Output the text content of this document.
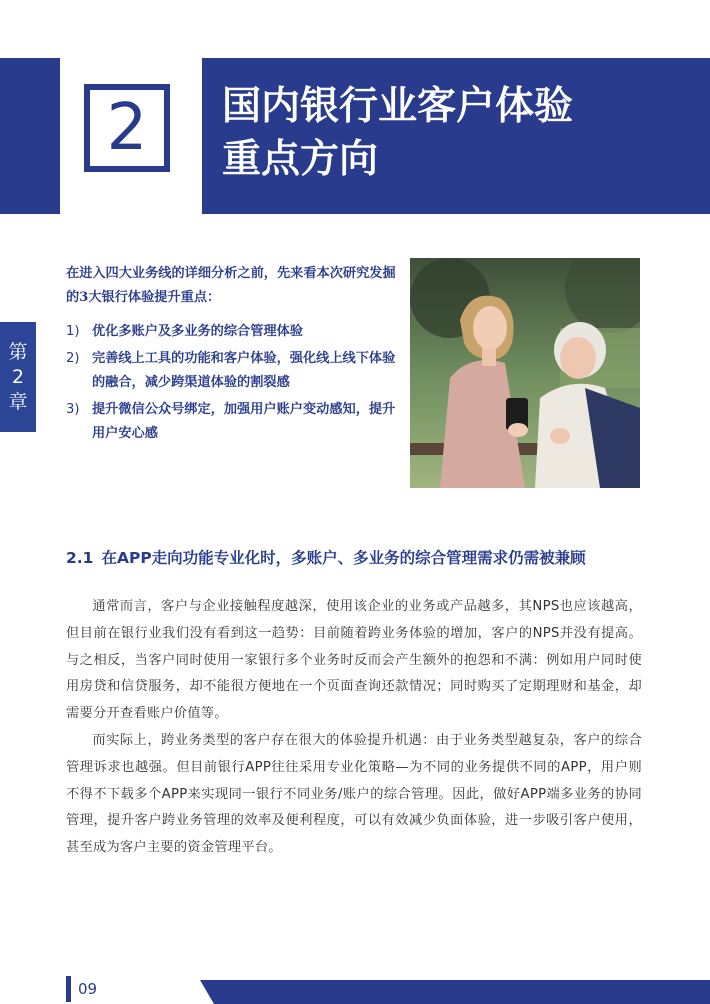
2 国内银行业客户体验
重点方向
第
2
章
在进入四大业务线的详细分析之前，先来看本次研究发掘的3大银行体验提升重点：
1) 优化多账户及多业务的综合管理体验
2) 完善线上工具的功能和客户体验，强化线上线下体验的融合，减少跨渠道体验的割裂感
3) 提升微信公众号绑定，加强用户账户变动感知，提升用户安心感
2.1 在APP走向功能专业化时，多账户、多业务的综合管理需求仍需被兼顾

通常而言，客户与企业接触程度越深，使用该企业的业务或产品越多，其NPS也应该越高，但目前在银行业我们没有看到这一趋势：目前随着跨业务体验的增加，客户的NPS并没有提高。与之相反，当客户同时使用一家银行多个业务时反而会产生额外的抱怨和不满：例如用户同时使用房贷和信贷服务，却不能很方便地在一个页面查询还款情况；同时购买了定期理财和基金，却需要分开查看账户价值等。

而实际上，跨业务类型的客户存在很大的体验提升机遇：由于业务类型越复杂，客户的综合管理诉求也越强。但目前银行APP往往采用专业化策略—为不同的业务提供不同的APP，用户则不得不下载多个APP来实现同一银行不同业务/账户的综合管理。因此，做好APP端多业务的协同管理，提升客户跨业务管理的效率及便利程度，可以有效减少负面体验，进一步吸引客户使用，甚至成为客户主要的资金管理平台。

09
